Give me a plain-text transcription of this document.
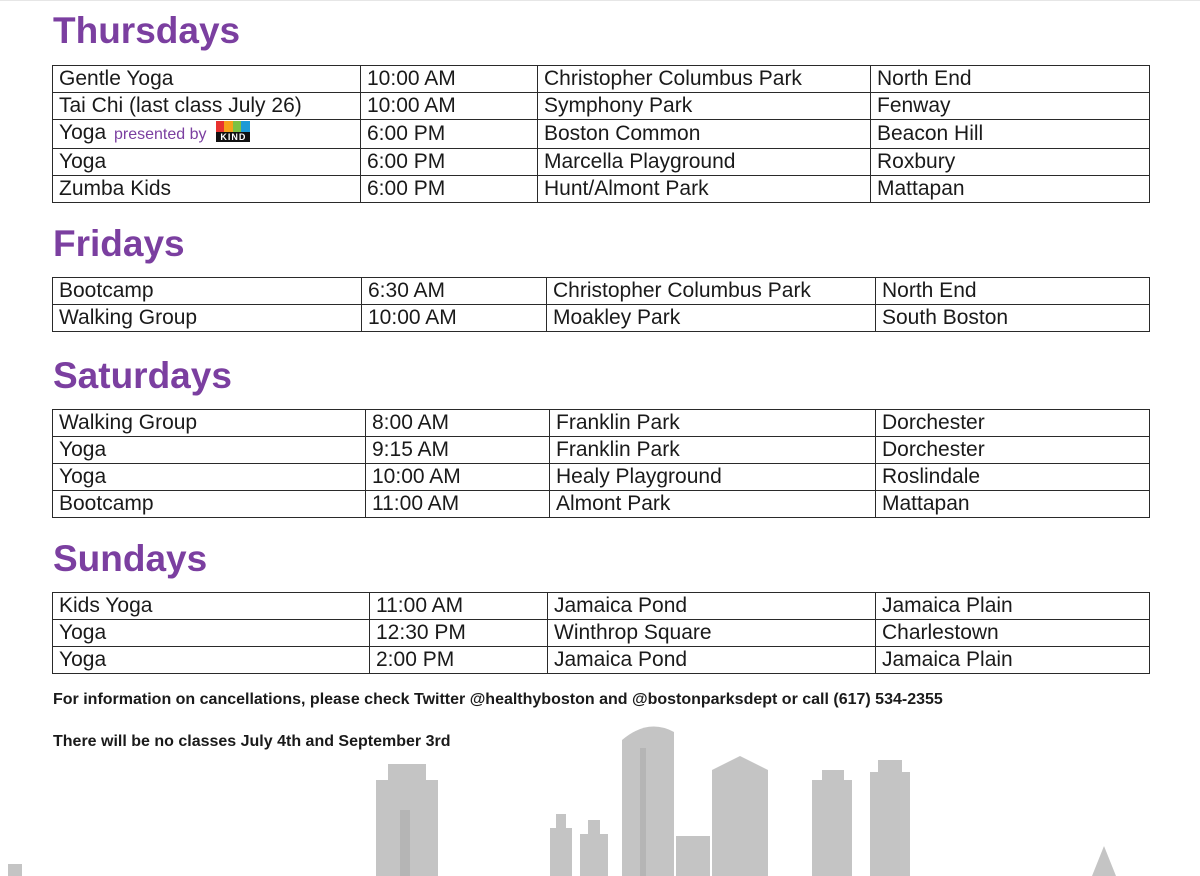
Thursdays
Gentle Yoga	10:00 AM	Christopher Columbus Park	North End
Tai Chi (last class July 26)	10:00 AM	Symphony Park	Fenway
Yoga presented by KIND	6:00 PM	Boston Common	Beacon Hill
Yoga	6:00 PM	Marcella Playground	Roxbury
Zumba Kids	6:00 PM	Hunt/Almont Park	Mattapan
Fridays
Bootcamp	6:30 AM	Christopher Columbus Park	North End
Walking Group	10:00 AM	Moakley Park	South Boston
Saturdays
Walking Group	8:00 AM	Franklin Park	Dorchester
Yoga	9:15 AM	Franklin Park	Dorchester
Yoga	10:00 AM	Healy Playground	Roslindale
Bootcamp	11:00 AM	Almont Park	Mattapan
Sundays
Kids Yoga	11:00 AM	Jamaica Pond	Jamaica Plain
Yoga	12:30 PM	Winthrop Square	Charlestown
Yoga	2:00 PM	Jamaica Pond	Jamaica Plain

For information on cancellations, please check Twitter @healthyboston and @bostonparksdept or call (617) 534-2355

There will be no classes July 4th and September 3rd
